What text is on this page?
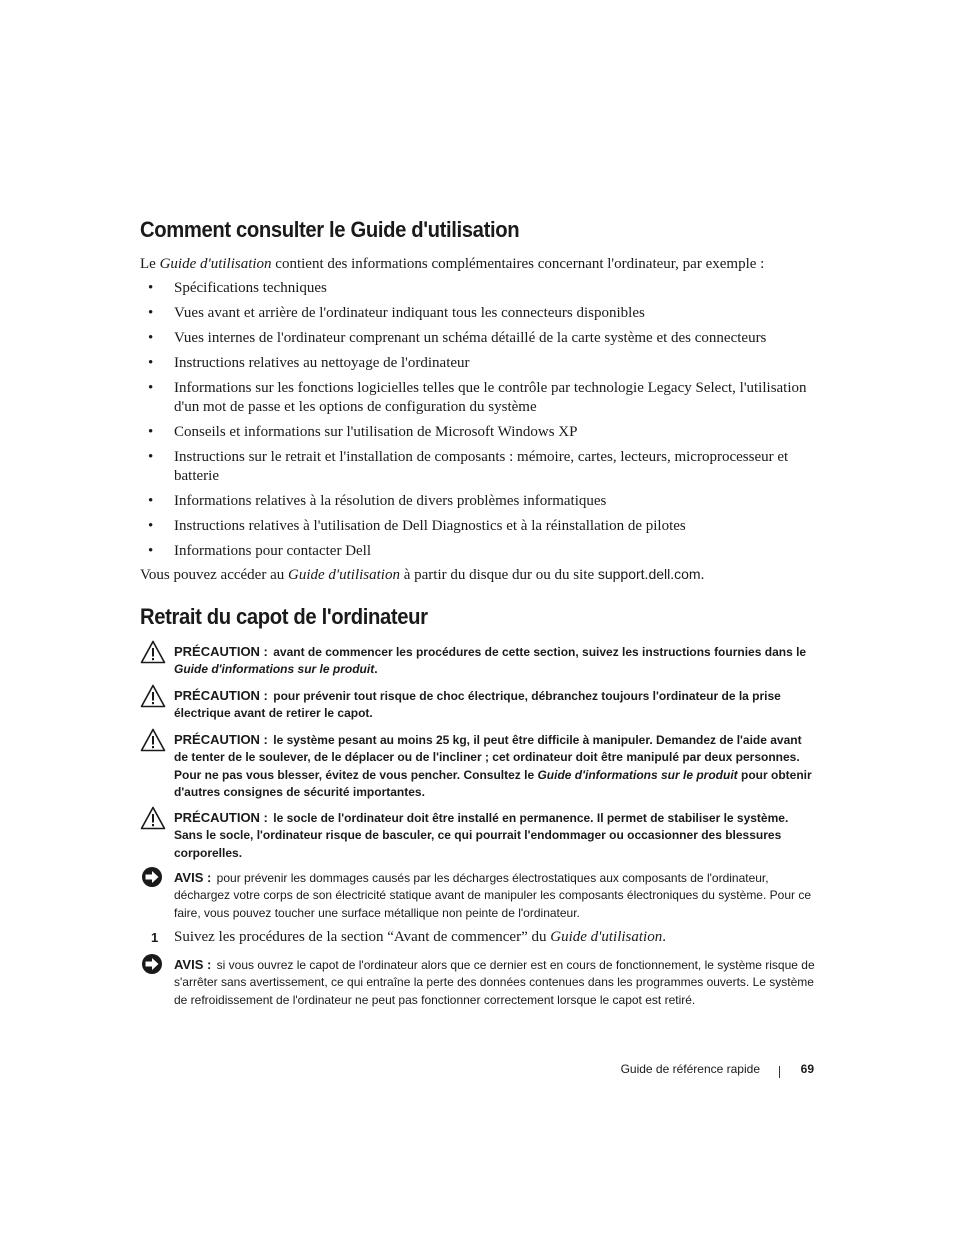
Comment consulter le Guide d'utilisation

Le Guide d'utilisation contient des informations complémentaires concernant l'ordinateur, par exemple :

• Spécifications techniques
• Vues avant et arrière de l'ordinateur indiquant tous les connecteurs disponibles
• Vues internes de l'ordinateur comprenant un schéma détaillé de la carte système et des connecteurs
• Instructions relatives au nettoyage de l'ordinateur
• Informations sur les fonctions logicielles telles que le contrôle par technologie Legacy Select, l'utilisation d'un mot de passe et les options de configuration du système
• Conseils et informations sur l'utilisation de Microsoft Windows XP
• Instructions sur le retrait et l'installation de composants : mémoire, cartes, lecteurs, microprocesseur et batterie
• Informations relatives à la résolution de divers problèmes informatiques
• Instructions relatives à l'utilisation de Dell Diagnostics et à la réinstallation de pilotes
• Informations pour contacter Dell

Vous pouvez accéder au Guide d'utilisation à partir du disque dur ou du site support.dell.com.

Retrait du capot de l'ordinateur
PRÉCAUTION : avant de commencer les procédures de cette section, suivez les instructions fournies dans le Guide d'informations sur le produit.
PRÉCAUTION : pour prévenir tout risque de choc électrique, débranchez toujours l'ordinateur de la prise électrique avant de retirer le capot.
PRÉCAUTION : le système pesant au moins 25 kg, il peut être difficile à manipuler. Demandez de l'aide avant de tenter de le soulever, de le déplacer ou de l'incliner ; cet ordinateur doit être manipulé par deux personnes. Pour ne pas vous blesser, évitez de vous pencher. Consultez le Guide d'informations sur le produit pour obtenir d'autres consignes de sécurité importantes.
PRÉCAUTION : le socle de l'ordinateur doit être installé en permanence. Il permet de stabiliser le système. Sans le socle, l'ordinateur risque de basculer, ce qui pourrait l'endommager ou occasionner des blessures corporelles.
AVIS : pour prévenir les dommages causés par les décharges électrostatiques aux composants de l'ordinateur, déchargez votre corps de son électricité statique avant de manipuler les composants électroniques du système. Pour ce faire, vous pouvez toucher une surface métallique non peinte de l'ordinateur.
1 Suivez les procédures de la section “Avant de commencer” du Guide d'utilisation.
AVIS : si vous ouvrez le capot de l'ordinateur alors que ce dernier est en cours de fonctionnement, le système risque de s'arrêter sans avertissement, ce qui entraîne la perte des données contenues dans les programmes ouverts. Le système de refroidissement de l'ordinateur ne peut pas fonctionner correctement lorsque le capot est retiré.
Guide de référence rapide	69
